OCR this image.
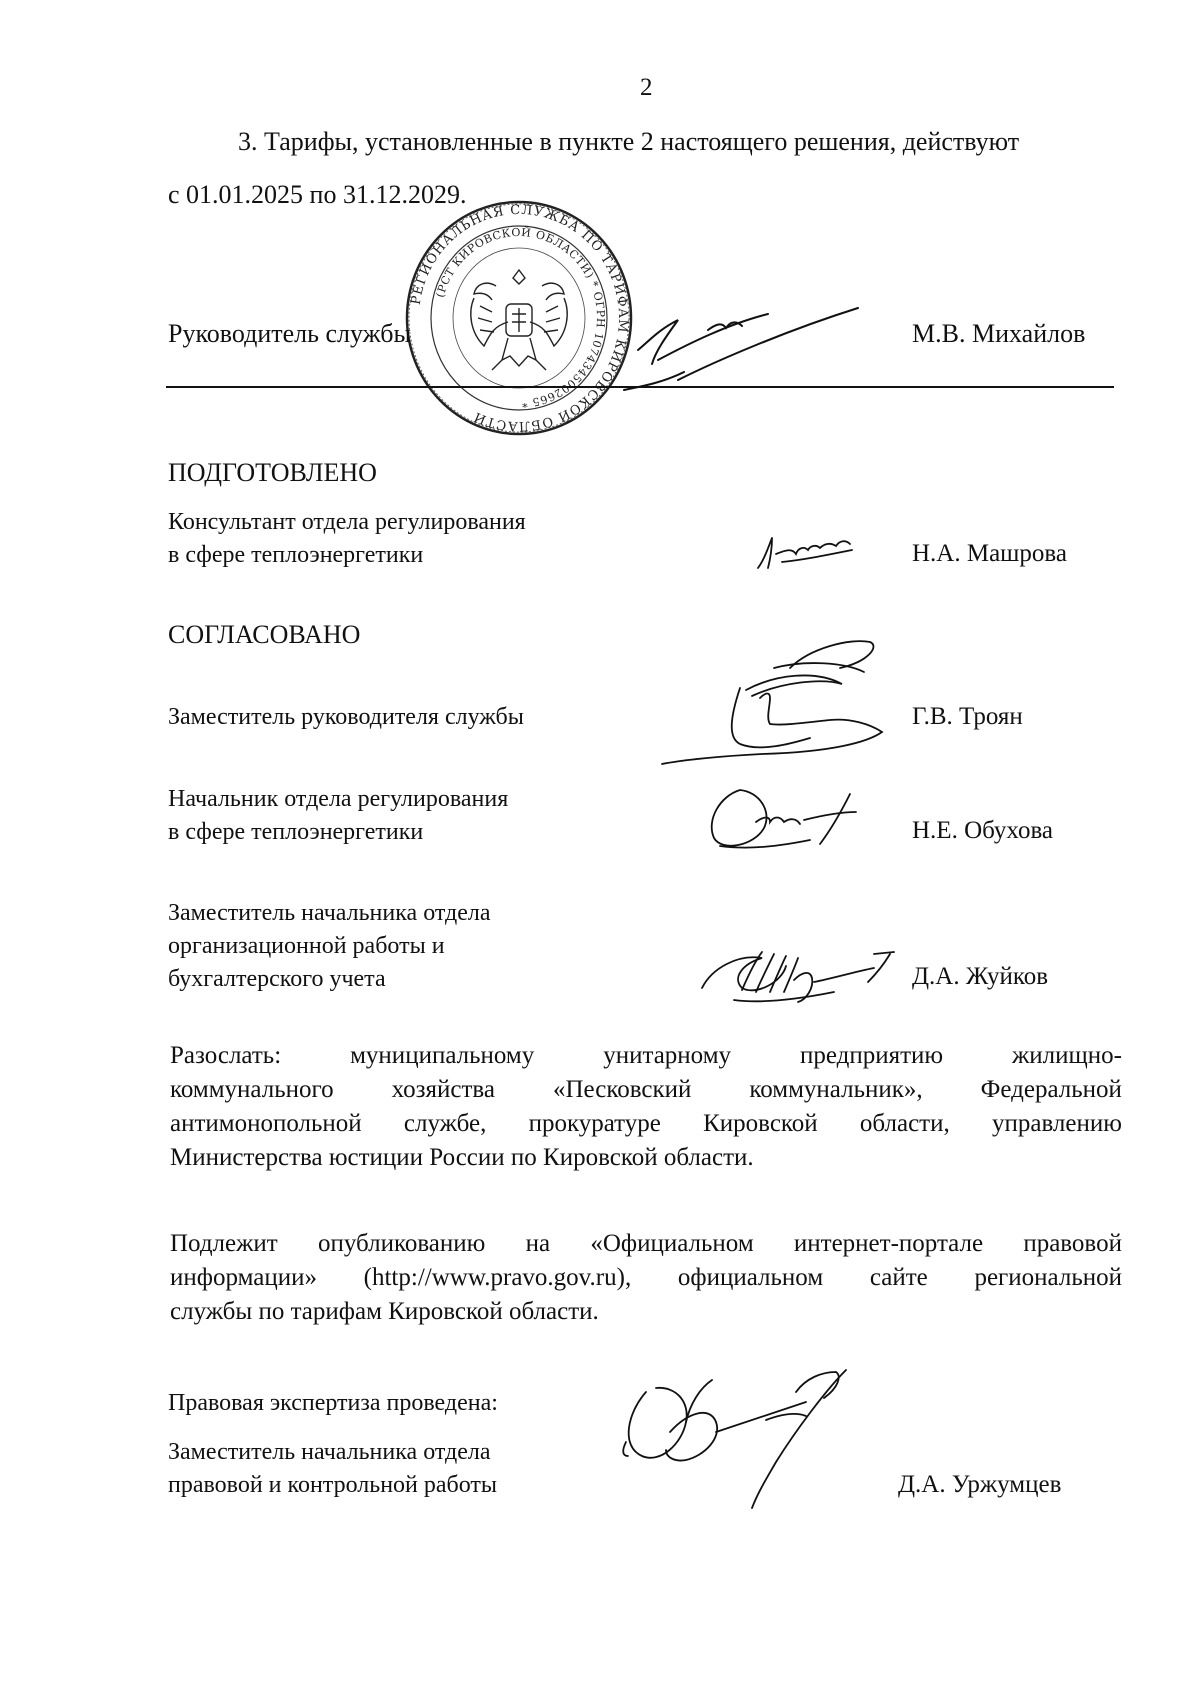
2
3. Тарифы, установленные в пункте 2 настоящего решения, действуют
с 01.01.2025 по 31.12.2029.
РЕГИОНАЛЬНАЯ СЛУЖБА ПО ТАРИФАМ КИРОВСКОЙ ОБЛАСТИ
(РСТ КИРОВСКОЙ ОБЛАСТИ) * ОГРН 1074345002665 *
Руководитель службы	М.В. Михайлов
ПОДГОТОВЛЕНО
Консультант отдела регулирования
в сфере теплоэнергетики	Н.А. Машрова
СОГЛАСОВАНО
Заместитель руководителя службы	Г.В. Троян
Начальник отдела регулирования
в сфере теплоэнергетики	Н.Е. Обухова
Заместитель начальника отдела
организационной работы и
бухгалтерского учета	Д.А. Жуйков
Разослать:	муниципальному	унитарному	предприятию	жилищно-
коммунального хозяйства «Песковский коммунальник», Федеральной
антимонопольной службе, прокуратуре Кировской области, управлению
Министерства юстиции России по Кировской области.
Подлежит опубликованию на «Официальном интернет-портале правовой
информации» (http://www.pravo.gov.ru), официальном сайте региональной
службы по тарифам Кировской области.
Правовая экспертиза проведена:
Заместитель начальника отдела
правовой и контрольной работы	Д.А. Уржумцев
